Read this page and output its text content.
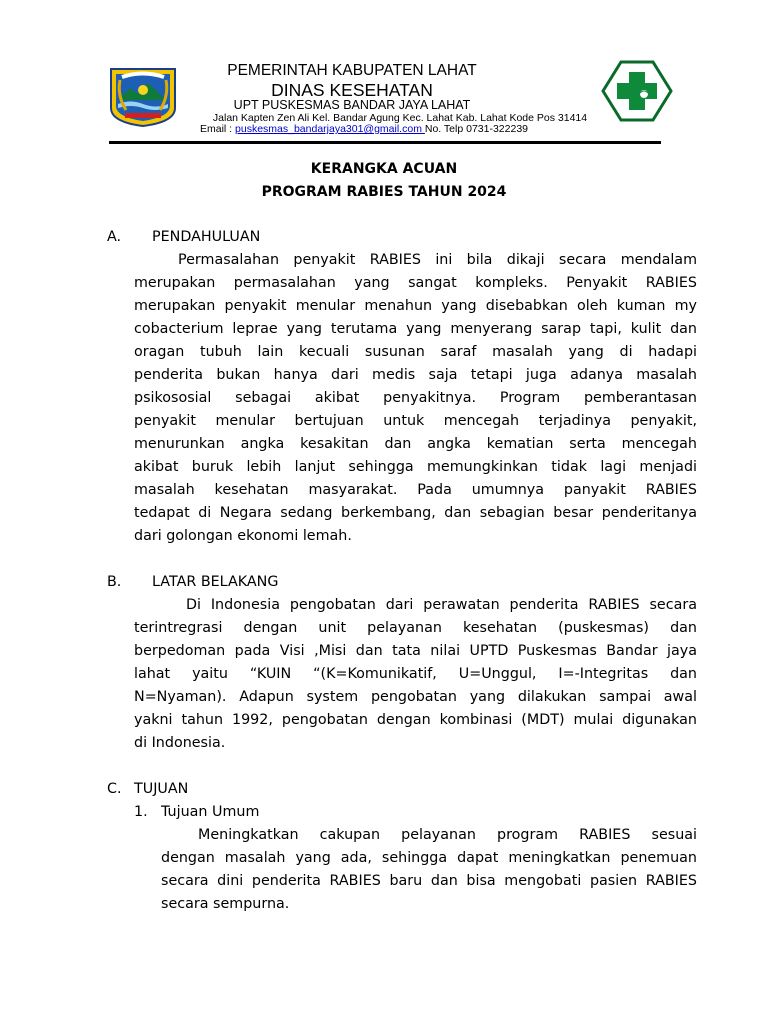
PEMERINTAH KABUPATEN LAHAT
DINAS KESEHATAN
UPT PUSKESMAS BANDAR JAYA LAHAT
Jalan Kapten Zen Ali Kel. Bandar Agung Kec. Lahat Kab. Lahat Kode Pos 31414
Email : puskesmas_bandarjaya301@gmail.com No. Telp 0731-322239
KERANGKA ACUAN
PROGRAM RABIES TAHUN 2024
A. PENDAHULUAN
Permasalahan penyakit RABIES ini bila dikaji secara mendalam
merupakan permasalahan yang sangat kompleks. Penyakit RABIES
merupakan penyakit menular menahun yang disebabkan oleh kuman my
cobacterium leprae yang terutama yang menyerang sarap tapi, kulit dan
oragan tubuh lain kecuali susunan saraf masalah yang di hadapi
penderita bukan hanya dari medis saja tetapi juga adanya masalah
psikososial sebagai akibat penyakitnya. Program pemberantasan
penyakit menular bertujuan untuk mencegah terjadinya penyakit,
menurunkan angka kesakitan dan angka kematian serta mencegah
akibat buruk lebih lanjut sehingga memungkinkan tidak lagi menjadi
masalah kesehatan masyarakat. Pada umumnya panyakit RABIES
tedapat di Negara sedang berkembang, dan sebagian besar penderitanya
dari golongan ekonomi lemah.
B. LATAR BELAKANG
Di Indonesia pengobatan dari perawatan penderita RABIES secara
terintregrasi dengan unit pelayanan kesehatan (puskesmas) dan
berpedoman pada Visi ,Misi dan tata nilai UPTD Puskesmas Bandar jaya
lahat yaitu “KUIN “(K=Komunikatif, U=Unggul, I=-Integritas dan
N=Nyaman). Adapun system pengobatan yang dilakukan sampai awal
yakni tahun 1992, pengobatan dengan kombinasi (MDT) mulai digunakan
di Indonesia.
C. TUJUAN
1. Tujuan Umum
Meningkatkan cakupan pelayanan program RABIES sesuai
dengan masalah yang ada, sehingga dapat meningkatkan penemuan
secara dini penderita RABIES baru dan bisa mengobati pasien RABIES
secara sempurna.
